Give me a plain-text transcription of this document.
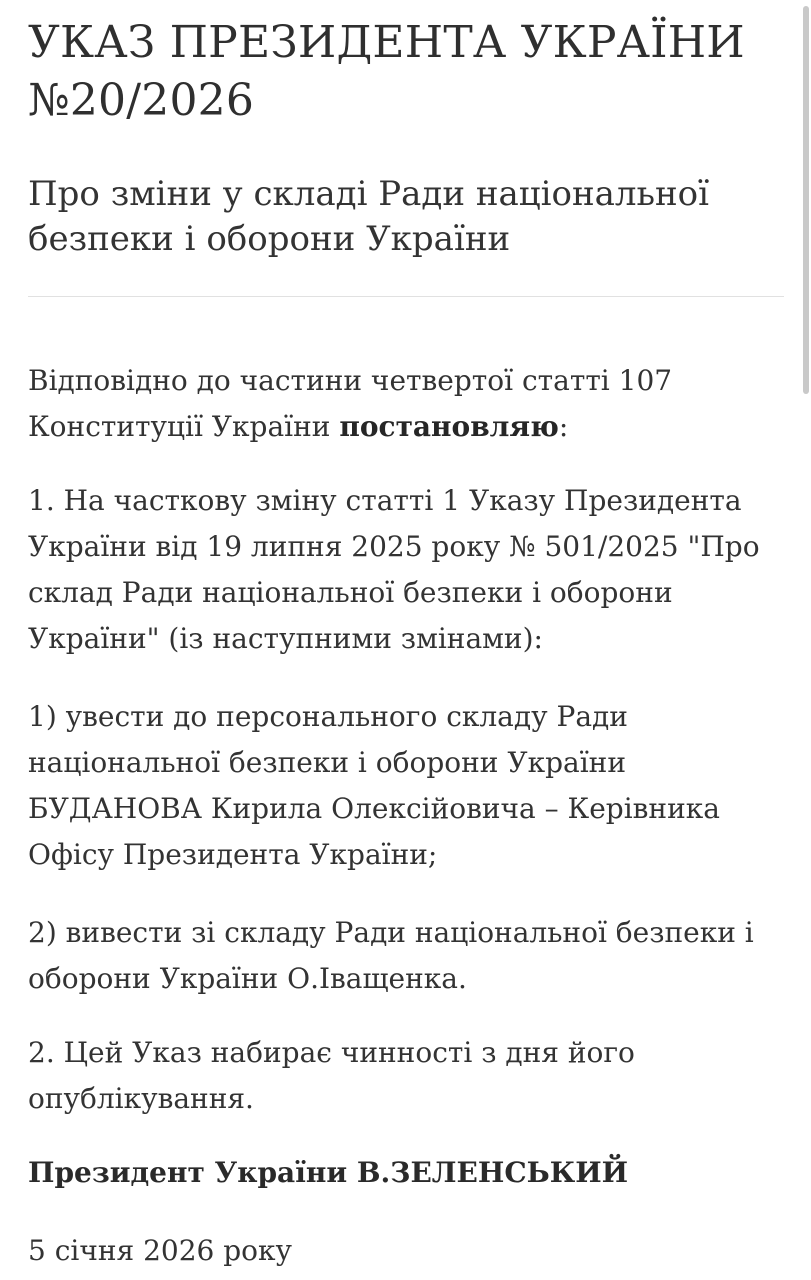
УКАЗ ПРЕЗИДЕНТА УКРАЇНИ
№20/2026
Про зміни у складі Ради національної безпеки і оборони України

Відповідно до частини четвертої статті 107 Конституції України постановляю:

1. На часткову зміну статті 1 Указу Президента України від 19 липня 2025 року № 501/2025 "Про склад Ради національної безпеки і оборони України" (із наступними змінами):

1) увести до персонального складу Ради національної безпеки і оборони України БУДАНОВА Кирила Олексійовича – Керівника Офісу Президента України;

2) вивести зі складу Ради національної безпеки і оборони України О.Іващенка.

2. Цей Указ набирає чинності з дня його опублікування.

Президент України В.ЗЕЛЕНСЬКИЙ

5 січня 2026 року
